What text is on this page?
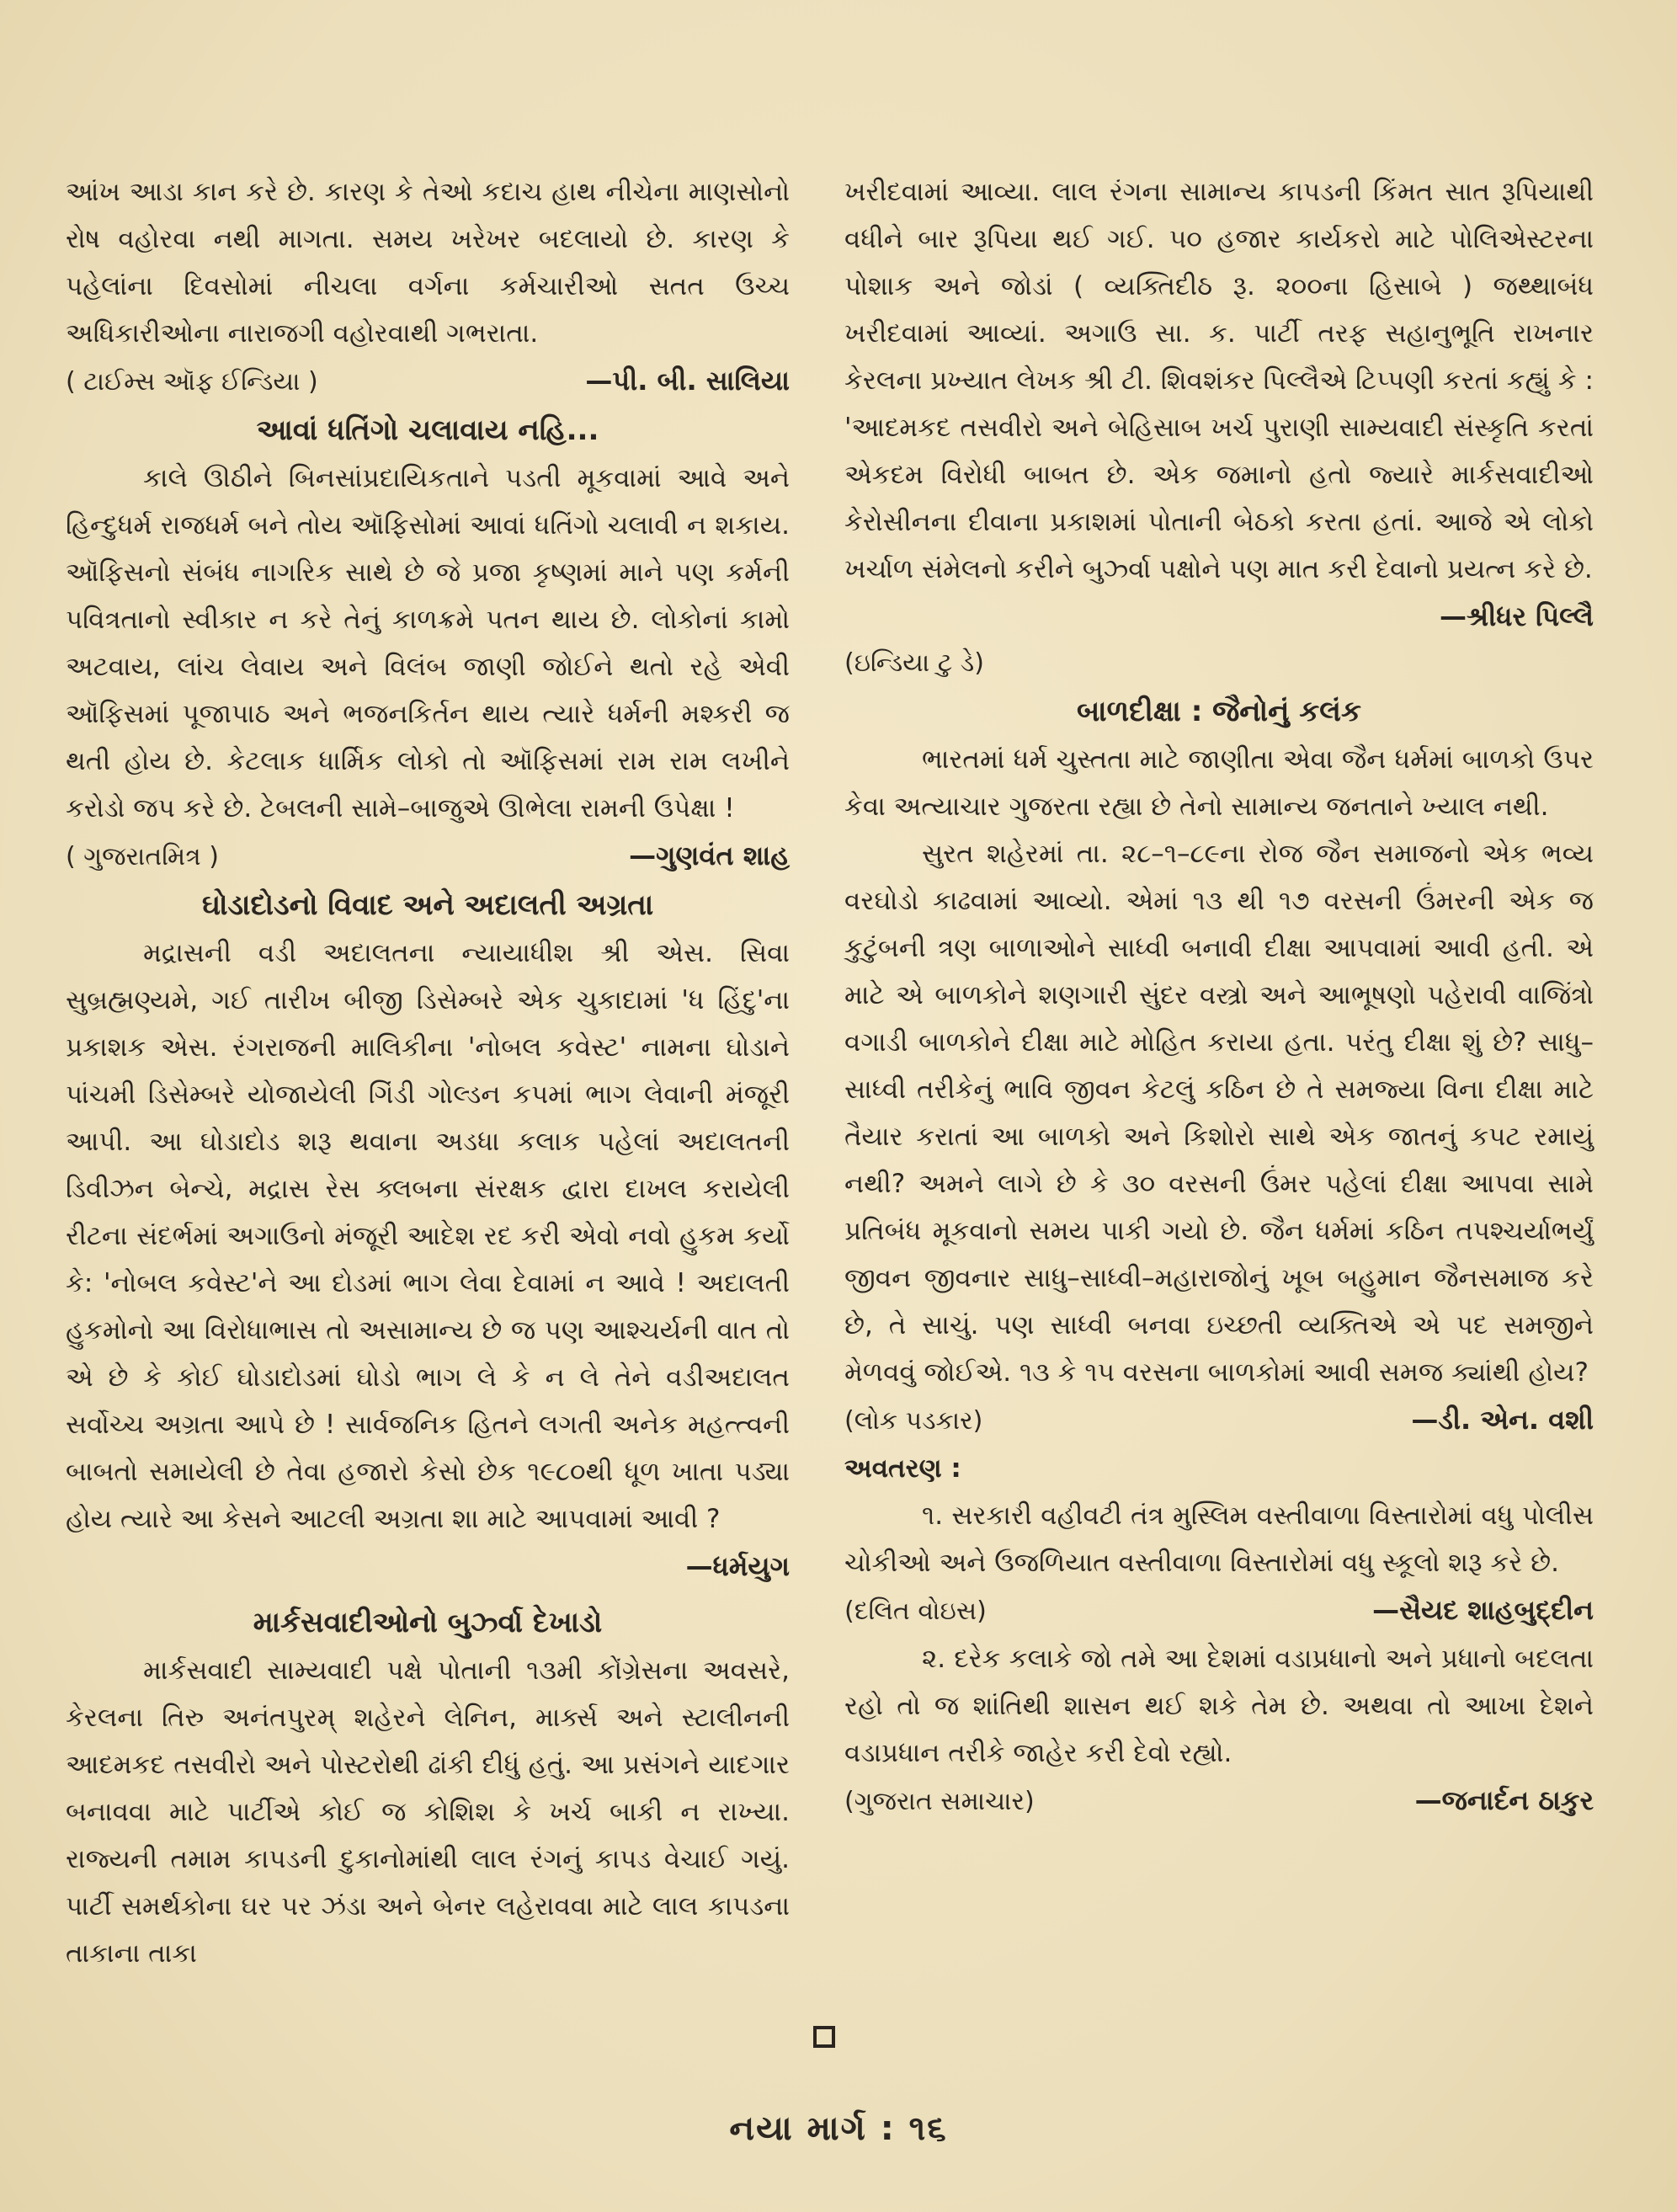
આંખ આડા કાન કરે છે. કારણ કે તેઓ કદાચ હાથ નીચેના માણસોનો રોષ વહોરવા નથી માગતા. સમય ખરેખર બદલાયો છે. કારણ કે પહેલાંના દિવસોમાં નીચલા વર્ગના કર્મચારીઓ સતત ઉચ્ચ અધિકારીઓના નારાજગી વહોરવાથી ગભરાતા.

( ટાઈમ્સ ઑફ ઈન્ડિયા )	—પી. બી. સાલિયા
આવાં ધતિંગો ચલાવાય નહિ...

કાલે ઊઠીને બિનસાંપ્રદાયિકતાને પડતી મૂકવામાં આવે અને હિન્દુધર્મ રાજધર્મ બને તોય ઑફિસોમાં આવાં ધતિંગો ચલાવી ન શકાય. ઑફિસનો સંબંધ નાગરિક સાથે છે જે પ્રજા કૃષ્ણમાં માને પણ કર્મની પવિત્રતાનો સ્વીકાર ન કરે તેનું કાળક્રમે પતન થાય છે. લોકોનાં કામો અટવાય, લાંચ લેવાય અને વિલંબ જાણી જોઈને થતો રહે એવી ઑફિસમાં પૂજાપાઠ અને ભજનકિર્તન થાય ત્યારે ધર્મની મશ્કરી જ થતી હોય છે. કેટલાક ધાર્મિક લોકો તો ઑફિસમાં રામ રામ લખીને કરોડો જપ કરે છે. ટેબલની સામે–બાજુએ ઊભેલા રામની ઉપેક્ષા !

( ગુજરાતમિત્ર )	—ગુણવંત શાહ
ઘોડાદોડનો વિવાદ અને અદાલતી અગ્રતા

મદ્રાસની વડી અદાલતના ન્યાયાધીશ શ્રી એસ. સિવા સુબ્રહ્મણ્યમે, ગઈ તારીખ બીજી ડિસેમ્બરે એક ચુકાદામાં 'ધ હિંદુ'ના પ્રકાશક એસ. રંગરાજની માલિકીના 'નોબલ કવેસ્ટ' નામના ઘોડાને પાંચમી ડિસેમ્બરે યોજાયેલી ગિંડી ગોલ્ડન કપમાં ભાગ લેવાની મંજૂરી આપી. આ ઘોડાદોડ શરૂ થવાના અડધા કલાક પહેલાં અદાલતની ડિવીઝન બેન્ચે, મદ્રાસ રેસ ક્લબના સંરક્ષક દ્વારા દાખલ કરાયેલી રીટના સંદર્ભમાં અગાઉનો મંજૂરી આદેશ રદ કરી એવો નવો હુકમ કર્યો કે: 'નોબલ કવેસ્ટ'ને આ દોડમાં ભાગ લેવા દેવામાં ન આવે ! અદાલતી હુકમોનો આ વિરોધાભાસ તો અસામાન્ય છે જ પણ આશ્ચર્યની વાત તો એ છે કે કોઈ ઘોડાદોડમાં ઘોડો ભાગ લે કે ન લે તેને વડીઅદાલત સર્વોચ્ચ અગ્રતા આપે છે ! સાર્વજનિક હિતને લગતી અનેક મહત્ત્વની બાબતો સમાયેલી છે તેવા હજારો કેસો છેક ૧૯૮૦થી ધૂળ ખાતા પડ્યા હોય ત્યારે આ કેસને આટલી અગ્રતા શા માટે આપવામાં આવી ?

—ધર્મયુગ
માર્કસવાદીઓનો બુર્ઝ્વા દેખાડો

માર્કસવાદી સામ્યવાદી પક્ષે પોતાની ૧૩મી કોંગ્રેસના અવસરે, કેરલના તિરુ અનંતપુરમ્ શહેરને લેનિન, માર્ક્સ અને સ્ટાલીનની આદમકદ તસવીરો અને પોસ્ટરોથી ઢાંકી દીધું હતું. આ પ્રસંગને યાદગાર બનાવવા માટે પાર્ટીએ કોઈ જ કોશિશ કે ખર્ચ બાકી ન રાખ્યા. રાજ્યની તમામ કાપડની દુકાનોમાંથી લાલ રંગનું કાપડ વેચાઈ ગયું. પાર્ટી સમર્થકોના ઘર પર ઝંડા અને બેનર લહેરાવવા માટે લાલ કાપડના તાકાના તાકા

ખરીદવામાં આવ્યા. લાલ રંગના સામાન્ય કાપડની કિંમત સાત રૂપિયાથી વધીને બાર રૂપિયા થઈ ગઈ. ૫૦ હજાર કાર્યકરો માટે પોલિએસ્ટરના પોશાક અને જોડાં ( વ્યક્તિદીઠ રૂ. ૨૦૦ના હિસાબે ) જથ્થાબંધ ખરીદવામાં આવ્યાં. અગાઉ સા. ક. પાર્ટી તરફ સહાનુભૂતિ રાખનાર કેરલના પ્રખ્યાત લેખક શ્રી ટી. શિવશંકર પિલ્લૈએ ટિપ્પણી કરતાં કહ્યું કે : 'આદમકદ તસવીરો અને બેહિસાબ ખર્ચ પુરાણી સામ્યવાદી સંસ્કૃતિ કરતાં એકદમ વિરોધી બાબત છે. એક જમાનો હતો જ્યારે માર્કસવાદીઓ કેરોસીનના દીવાના પ્રકાશમાં પોતાની બેઠકો કરતા હતાં. આજે એ લોકો ખર્ચાળ સંમેલનો કરીને બુર્ઝ્વા પક્ષોને પણ માત કરી દેવાનો પ્રયત્ન કરે છે.

—શ્રીધર પિલ્લૈ
(ઇન્ડિયા ટુ ડે)
બાળદીક્ષા : જૈનોનું કલંક

ભારતમાં ધર્મ ચુસ્તતા માટે જાણીતા એવા જૈન ધર્મમાં બાળકો ઉપર કેવા અત્યાચાર ગુજરતા રહ્યા છે તેનો સામાન્ય જનતાને ખ્યાલ નથી.

સુરત શહેરમાં તા. ૨૮–૧–૮૯ના રોજ જૈન સમાજનો એક ભવ્ય વરઘોડો કાઢવામાં આવ્યો. એમાં ૧૩ થી ૧૭ વરસની ઉંમરની એક જ કુટુંબની ત્રણ બાળાઓને સાધ્વી બનાવી દીક્ષા આપવામાં આવી હતી. એ માટે એ બાળકોને શણગારી સુંદર વસ્ત્રો અને આભૂષણો પહેરાવી વાજિંત્રો વગાડી બાળકોને દીક્ષા માટે મોહિત કરાયા હતા. પરંતુ દીક્ષા શું છે? સાધુ–સાધ્વી તરીકેનું ભાવિ જીવન કેટલું કઠિન છે તે સમજ્યા વિના દીક્ષા માટે તૈયાર કરાતાં આ બાળકો અને કિશોરો સાથે એક જાતનું કપટ રમાયું નથી? અમને લાગે છે કે ૩૦ વરસની ઉંમર પહેલાં દીક્ષા આપવા સામે પ્રતિબંધ મૂકવાનો સમય પાકી ગયો છે. જૈન ધર્મમાં કઠિન તપશ્ચર્યાભર્યું જીવન જીવનાર સાધુ–સાધ્વી–મહારાજોનું ખૂબ બહુમાન જૈનસમાજ કરે છે, તે સાચું. પણ સાધ્વી બનવા ઇચ્છતી વ્યક્તિએ એ પદ સમજીને મેળવવું જોઈએ. ૧૩ કે ૧૫ વરસના બાળકોમાં આવી સમજ ક્યાંથી હોય?

(લોક પડકાર)	—ડી. એન. વશી
અવતરણ :

૧. સરકારી વહીવટી તંત્ર મુસ્લિમ વસ્તીવાળા વિસ્તારોમાં વધુ પોલીસ ચોકીઓ અને ઉજળિયાત વસ્તીવાળા વિસ્તારોમાં વધુ સ્કૂલો શરૂ કરે છે.

(દલિત વોઇસ)	—સૈયદ શાહબુદ્દીન

૨. દરેક કલાકે જો તમે આ દેશમાં વડાપ્રધાનો અને પ્રધાનો બદલતા રહો તો જ શાંતિથી શાસન થઈ શકે તેમ છે. અથવા તો આખા દેશને વડાપ્રધાન તરીકે જાહેર કરી દેવો રહ્યો.

(ગુજરાત સમાચાર)	—જનાર્દન ઠાકુર
નયા માર્ગ : ૧૬
